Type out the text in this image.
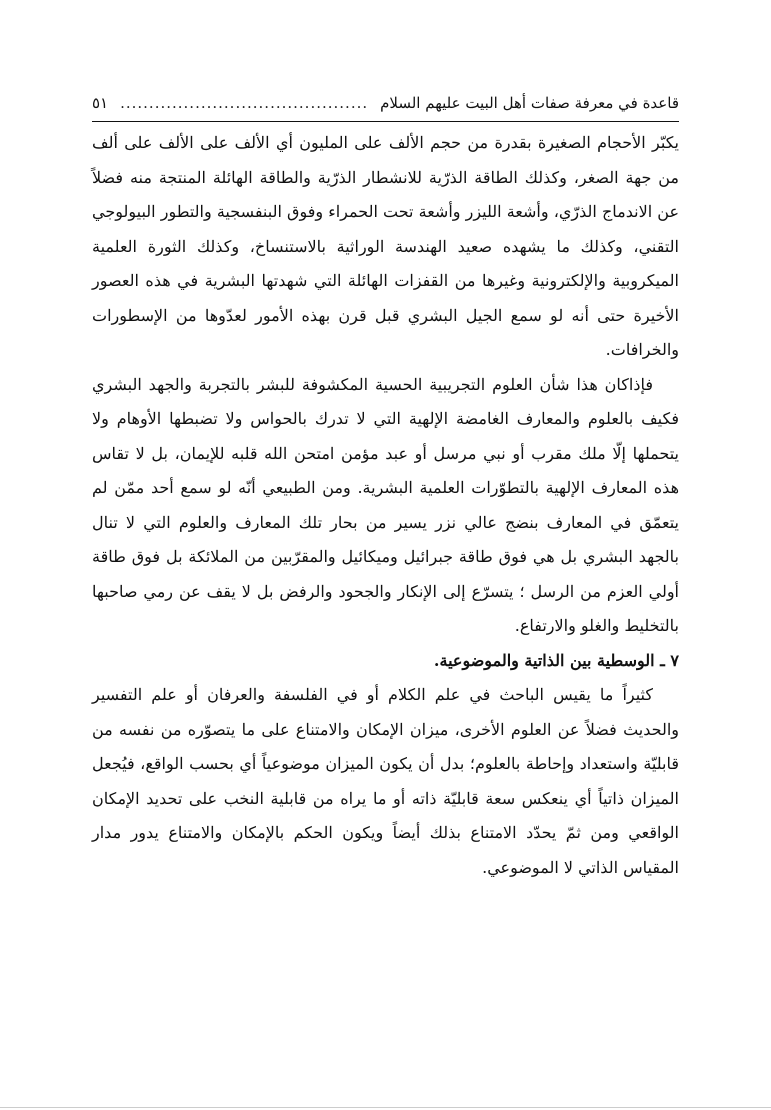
قاعدة في معرفة صفات أهل البيت عليهم السلام
...........................................
٥١

يكبّر الأحجام الصغيرة بقدرة من حجم الألف على المليون أي الألف على الألف على ألف من جهة الصغر، وكذلك الطاقة الذرّية للانشطار الذرّية والطاقة الهائلة المنتجة منه فضلاً عن الاندماج الذرّي، وأشعة الليزر وأشعة تحت الحمراء وفوق البنفسجية والتطور البيولوجي التقني، وكذلك ما يشهده صعيد الهندسة الوراثية بالاستنساخ، وكذلك الثورة العلمية الميكروبية والإلكترونية وغيرها من القفزات الهائلة التي شهدتها البشرية في هذه العصور الأخيرة حتى أنه لو سمع الجيل البشري قبل قرن بهذه الأمور لعدّوها من الإسطورات والخرافات.

فإذاكان هذا شأن العلوم التجريبية الحسية المكشوفة للبشر بالتجربة والجهد البشري فكيف بالعلوم والمعارف الغامضة الإلهية التي لا تدرك بالحواس ولا تضبطها الأوهام ولا يتحملها إلّا ملك مقرب أو نبي مرسل أو عبد مؤمن امتحن الله قلبه للإيمان، بل لا تقاس هذه المعارف الإلهية بالتطوّرات العلمية البشرية. ومن الطبيعي أنّه لو سمع أحد ممّن لم يتعمّق في المعارف بنضج عالي نزر يسير من بحار تلك المعارف والعلوم التي لا تنال بالجهد البشري بل هي فوق طاقة جبرائيل وميكائيل والمقرّبين من الملائكة بل فوق طاقة أولي العزم من الرسل ؛ يتسرّع إلى الإنكار والجحود والرفض بل لا يقف عن رمي صاحبها بالتخليط والغلو والارتفاع.

٧ ـ الوسطية بين الذاتية والموضوعية.

كثيراً ما يقيس الباحث في علم الكلام أو في الفلسفة والعرفان أو علم التفسير والحديث فضلاً عن العلوم الأخرى، ميزان الإمكان والامتناع على ما يتصوّره من نفسه من قابليّة واستعداد وإحاطة بالعلوم؛ بدل أن يكون الميزان موضوعياً أي بحسب الواقع، فيُجعل الميزان ذاتياً أي ينعكس سعة قابليّة ذاته أو ما يراه من قابلية النخب على تحديد الإمكان الواقعي ومن ثمّ يحدّد الامتناع بذلك أيضاً ويكون الحكم بالإمكان والامتناع يدور مدار المقياس الذاتي لا الموضوعي.
